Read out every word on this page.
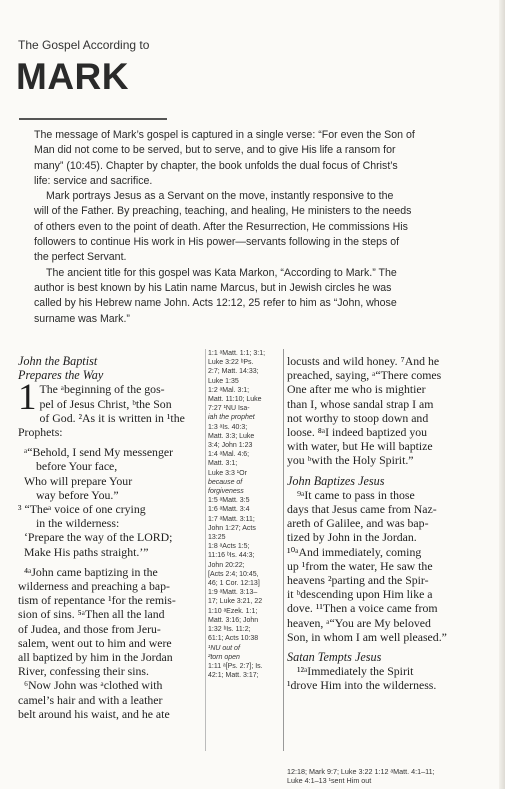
The Gospel According to
MARK

The message of Mark’s gospel is captured in a single verse: “For even the Son of

Man did not come to be served, but to serve, and to give His life a ransom for

many” (10:45). Chapter by chapter, the book unfolds the dual focus of Christ’s

life: service and sacrifice.

Mark portrays Jesus as a Servant on the move, instantly responsive to the

will of the Father. By preaching, teaching, and healing, He ministers to the needs

of others even to the point of death. After the Resurrection, He commissions His

followers to continue His work in His power—servants following in the steps of

the perfect Servant.

The ancient title for this gospel was Kata Markon, “According to Mark.” The

author is best known by his Latin name Marcus, but in Jewish circles he was

called by his Hebrew name John. Acts 12:12, 25 refer to him as “John, whose

surname was Mark.”

John the Baptist
Prepares the Way
1 The ᵃbeginning of the gos-
pel of Jesus Christ, ᵇthe Son
of God. ²As it is written in ¹the
Prophets:
ᵃ“Behold, I send My messenger
before Your face,
Who will prepare Your
way before You.”
³ “Theᵃ voice of one crying
in the wilderness:
‘Prepare the way of the LORD;
Make His paths straight.’”
⁴ᵃJohn came baptizing in the
wilderness and preaching a bap-
tism of repentance ¹for the remis-
sion of sins. ⁵ᵃThen all the land
of Judea, and those from Jeru-
salem, went out to him and were
all baptized by him in the Jordan
River, confessing their sins.
⁶Now John was ᵃclothed with
camel’s hair and with a leather
belt around his waist, and he ate
1:1 ᵃMatt. 1:1; 3:1;
Luke 3:22 ᵇPs.
2:7; Matt. 14:33;
Luke 1:35
1:2 ᵃMal. 3:1;
Matt. 11:10; Luke
7:27 ¹NU Isa-
iah the prophet
1:3 ᵃIs. 40:3;
Matt. 3:3; Luke
3:4; John 1:23
1:4 ᵃMal. 4:6;
Matt. 3:1;
Luke 3:3 ¹Or
because of
forgiveness
1:5 ᵃMatt. 3:5
1:6 ᵃMatt. 3:4
1:7 ᵃMatt. 3:11;
John 1:27; Acts
13:25
1:8 ᵃActs 1:5;
11:16 ᵇIs. 44:3;
John 20:22;
[Acts 2:4; 10:45,
46; 1 Cor. 12:13]
1:9 ᵃMatt. 3:13–
17; Luke 3:21, 22
1:10 ᵃEzek. 1:1;
Matt. 3:16; John
1:32 ᵇIs. 11:2;
61:1; Acts 10:38
¹NU out of
²torn open
1:11 ᵃ[Ps. 2:7]; Is.
42:1; Matt. 3:17;
locusts and wild honey. ⁷And he
preached, saying, ᵃ“There comes
One after me who is mightier
than I, whose sandal strap I am
not worthy to stoop down and
loose. ⁸ᵃI indeed baptized you
with water, but He will baptize
you ᵇwith the Holy Spirit.”
John Baptizes Jesus
⁹ᵃIt came to pass in those
days that Jesus came from Naz-
areth of Galilee, and was bap-
tized by John in the Jordan.
¹⁰ᵃAnd immediately, coming
up ¹from the water, He saw the
heavens ²parting and the Spir-
it ᵇdescending upon Him like a
dove. ¹¹Then a voice came from
heaven, ᵃ“You are My beloved
Son, in whom I am well pleased.”
Satan Tempts Jesus
¹²ᵃImmediately the Spirit
¹drove Him into the wilderness.
12:18; Mark 9:7; Luke 3:22 1:12 ᵃMatt. 4:1–11;
Luke 4:1–13 ¹sent Him out
